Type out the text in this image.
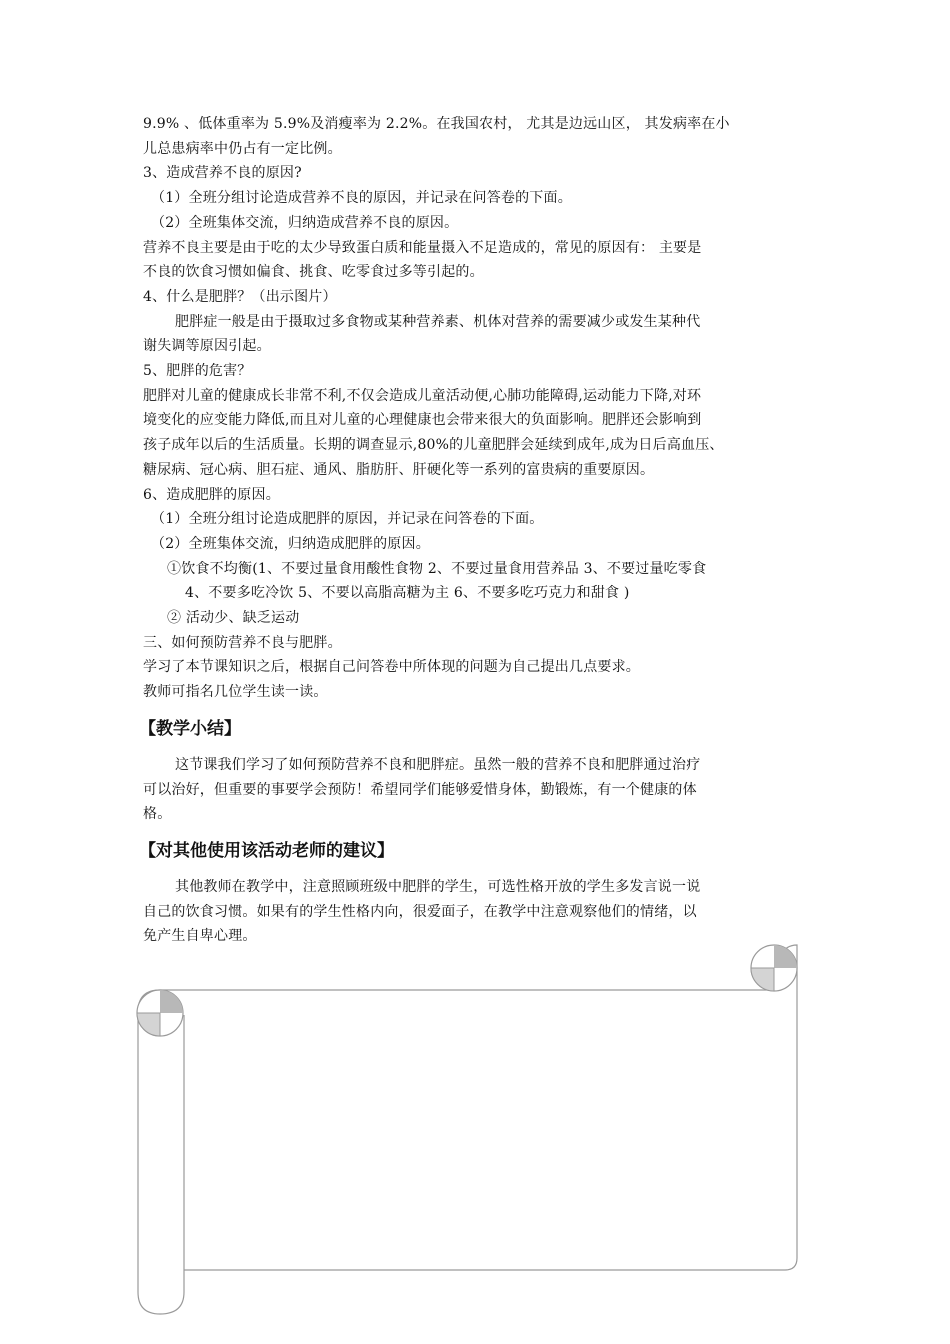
9.9% 、低体重率为 5.9%及消瘦率为 2.2%。在我国农村， 尤其是边远山区， 其发病率在小
儿总患病率中仍占有一定比例。
3、造成营养不良的原因?
（1）全班分组讨论造成营养不良的原因，并记录在问答卷的下面。
（2）全班集体交流，归纳造成营养不良的原因。
营养不良主要是由于吃的太少导致蛋白质和能量摄入不足造成的，常见的原因有： 主要是
不良的饮食习惯如偏食、挑食、吃零食过多等引起的。
4、什么是肥胖？（出示图片）
肥胖症一般是由于摄取过多食物或某种营养素、机体对营养的需要减少或发生某种代
谢失调等原因引起。
5、肥胖的危害？
肥胖对儿童的健康成长非常不利,不仅会造成儿童活动便,心肺功能障碍,运动能力下降,对环
境变化的应变能力降低,而且对儿童的心理健康也会带来很大的负面影响。肥胖还会影响到
孩子成年以后的生活质量。长期的调查显示,80%的儿童肥胖会延续到成年,成为日后高血压、
糖尿病、冠心病、胆石症、通风、脂肪肝、肝硬化等一系列的富贵病的重要原因。
6、造成肥胖的原因。
（1）全班分组讨论造成肥胖的原因，并记录在问答卷的下面。
（2）全班集体交流，归纳造成肥胖的原因。
①饮食不均衡(1、不要过量食用酸性食物 2、不要过量食用营养品 3、不要过量吃零食
4、不要多吃冷饮 5、不要以高脂高糖为主 6、不要多吃巧克力和甜食 )
② 活动少、缺乏运动
三、如何预防营养不良与肥胖。
学习了本节课知识之后，根据自己问答卷中所体现的问题为自己提出几点要求。
教师可指名几位学生读一读。
【教学小结】
这节课我们学习了如何预防营养不良和肥胖症。虽然一般的营养不良和肥胖通过治疗
可以治好，但重要的事要学会预防！希望同学们能够爱惜身体，勤锻炼，有一个健康的体
格。
【对其他使用该活动老师的建议】
其他教师在教学中，注意照顾班级中肥胖的学生，可选性格开放的学生多发言说一说
自己的饮食习惯。如果有的学生性格内向，很爱面子，在教学中注意观察他们的情绪，以
免产生自卑心理。
